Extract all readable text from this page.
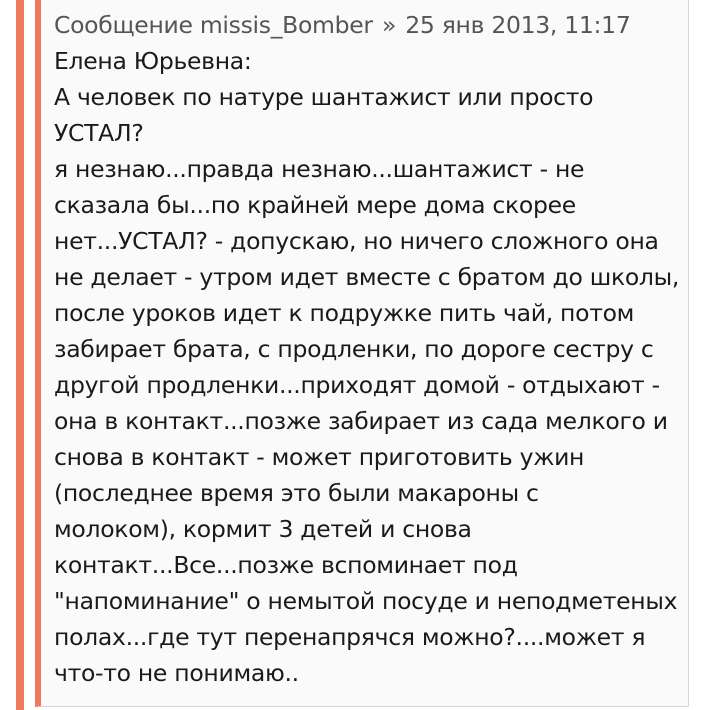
Сообщение missis_Bomber » 25 янв 2013, 11:17
Елена Юрьевна:
А человек по натуре шантажист или просто
УСТАЛ?
я незнаю...правда незнаю...шантажист - не
сказала бы...по крайней мере дома скорее
нет...УСТАЛ? - допускаю, но ничего сложного она
не делает - утром идет вместе с братом до школы,
после уроков идет к подружке пить чай, потом
забирает брата, с продленки, по дороге сестру с
другой продленки...приходят домой - отдыхают -
она в контакт...позже забирает из сада мелкого и
снова в контакт - может приготовить ужин
(последнее время это были макароны с
молоком), кормит 3 детей и снова
контакт...Все...позже вспоминает под
"напоминание" о немытой посуде и неподметеных
полах...где тут перенапрячся можно?....может я
что-то не понимаю..
